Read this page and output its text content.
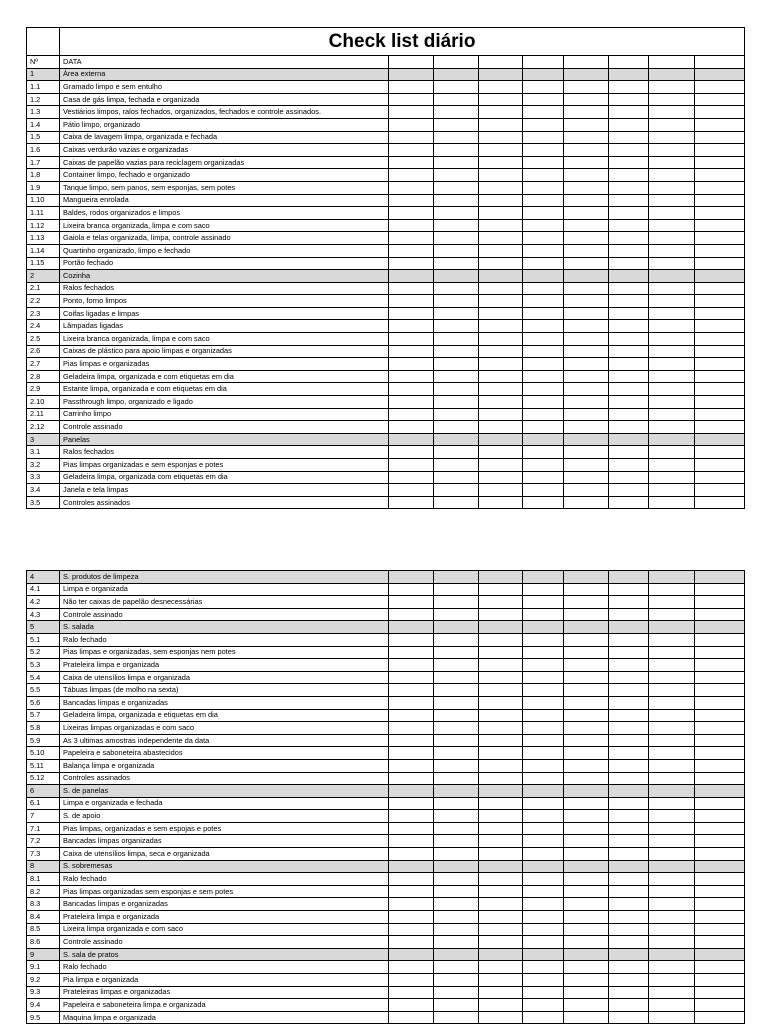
	Check list diário								
Nº	DATA								
1	Área externa								
1.1	Gramado limpo e sem entulho								
1.2	Casa de gás limpa, fechada e organizada								
1.3	Vestiários limpos, ralos fechados, organizados, fechados e controle assinados.								
1.4	Pátio limpo, organizado								
1.5	Caixa de lavagem limpa, organizada e fechada								
1.6	Caixas verdurão vazias e organizadas								
1.7	Caixas de papelão vazias para reciclagem organizadas								
1.8	Container limpo, fechado e organizado								
1.9	Tanque limpo, sem panos, sem esponjas, sem potes								
1.10	Mangueira enrolada								
1.11	Baldes, rodos organizados e limpos								
1.12	Lixeira branca organizada, limpa e com saco								
1.13	Gaiola e telas organizada, limpa, controle assinado								
1.14	Quartinho organizado, limpo e fechado								
1.15	Portão fechado								
2	Cozinha								
2.1	Ralos fechados								
2.2	Ponto, forno limpos								
2.3	Coifas ligadas e limpas								
2.4	Lâmpadas ligadas								
2.5	Lixeira branca organizada, limpa e com saco								
2.6	Caixas de plástico para apoio limpas e organizadas								
2.7	Pias limpas e organizadas								
2.8	Geladeira limpa, organizada e com etiquetas em dia								
2.9	Estante limpa, organizada e com etiquetas em dia								
2.10	Passthrough limpo, organizado e ligado								
2.11	Carrinho limpo								
2.12	Controle assinado								
3	Panelas								
3.1	Ralos fechados								
3.2	Pias limpas organizadas e sem esponjas e potes								
3.3	Geladeira limpa, organizada com etiquetas em dia								
3.4	Janela e tela limpas								
3.5	Controles assinados								
4	S. produtos de limpeza								
4.1	Limpa e organizada								
4.2	Não ter caixas de papelão desnecessárias								
4.3	Controle assinado								
5	S. salada								
5.1	Ralo fechado								
5.2	Pias limpas e organizadas, sem esponjas nem potes								
5.3	Prateleira limpa e organizada								
5.4	Caixa de utensílios limpa e organizada								
5.5	Tábuas limpas (de molho na sexta)								
5.6	Bancadas limpas e organizadas								
5.7	Geladeira limpa, organizada e etiquetas em dia								
5.8	Lixeiras limpas organizadas e com saco								
5.9	As 3 ultimas amostras independente da data								
5.10	Papeleira e saboneteira abastecidos								
5.11	Balança limpa e organizada								
5.12	Controles assinados								
6	S. de panelas								
6.1	Limpa e organizada e fechada								
7	S. de apoio								
7.1	Pias limpas, organizadas e sem espojas e potes								
7.2	Bancadas limpas organizadas								
7.3	Caixa de utensílios limpa, seca e organizada								
8	S. sobremesas								
8.1	Ralo fechado								
8.2	Pias limpas organizadas sem esponjas e sem potes								
8.3	Bancadas limpas e organizadas								
8.4	Prateleira limpa e organizada								
8.5	Lixeira limpa organizada e com saco								
8.6	Controle assinado								
9	S. sala de pratos								
9.1	Ralo fechado								
9.2	Pia limpa e organizada								
9.3	Prateleiras limpas e organizadas								
9.4	Papeleira e saboneteira limpa e organizada								
9.5	Maquina limpa e organizada								
